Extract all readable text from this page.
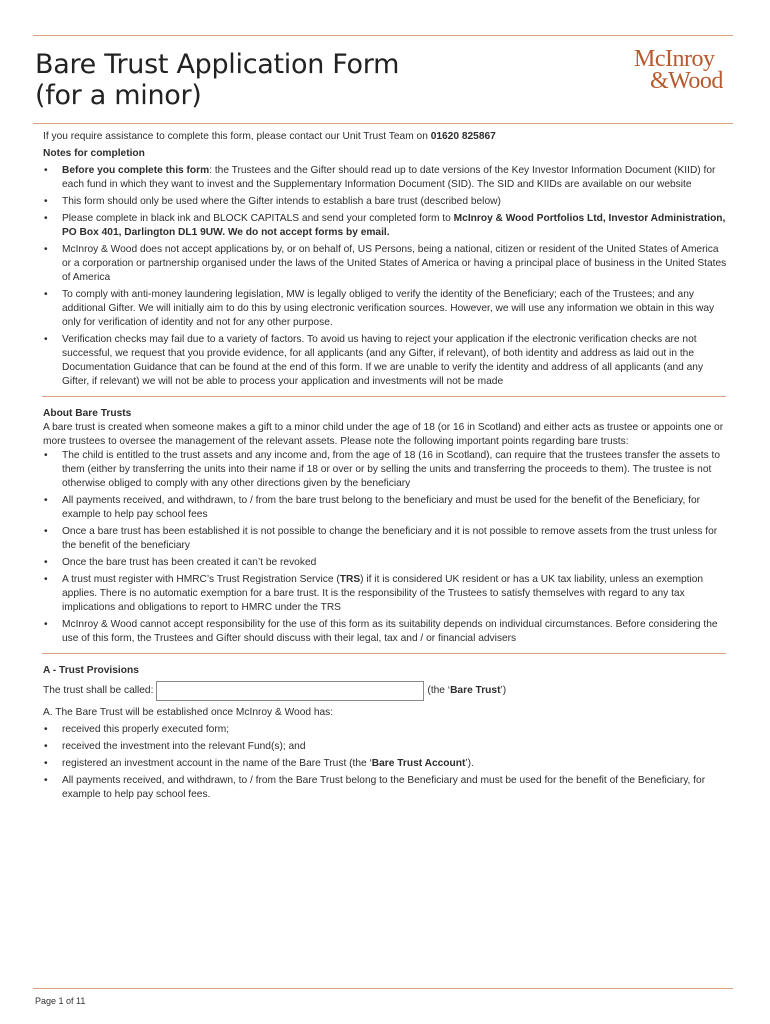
Bare Trust Application Form
(for a minor)
McInroy
&Wood

If you require assistance to complete this form, please contact our Unit Trust Team on 01620 825867

Notes for completion

• Before you complete this form: the Trustees and the Gifter should read up to date versions of the Key Investor Information Document (KIID) for each fund in which they want to invest and the Supplementary Information Document (SID). The SID and KIIDs are available on our website
• This form should only be used where the Gifter intends to establish a bare trust (described below)
• Please complete in black ink and BLOCK CAPITALS and send your completed form to McInroy & Wood Portfolios Ltd, Investor Administration, PO Box 401, Darlington DL1 9UW. We do not accept forms by email.
• McInroy & Wood does not accept applications by, or on behalf of, US Persons, being a national, citizen or resident of the United States of America or a corporation or partnership organised under the laws of the United States of America or having a principal place of business in the United States of America
• To comply with anti-money laundering legislation, MW is legally obliged to verify the identity of the Beneficiary; each of the Trustees; and any additional Gifter. We will initially aim to do this by using electronic verification sources. However, we will use any information we obtain in this way only for verification of identity and not for any other purpose.
• Verification checks may fail due to a variety of factors. To avoid us having to reject your application if the electronic verification checks are not successful, we request that you provide evidence, for all applicants (and any Gifter, if relevant), of both identity and address as laid out in the Documentation Guidance that can be found at the end of this form. If we are unable to verify the identity and address of all applicants (and any Gifter, if relevant) we will not be able to process your application and investments will not be made

About Bare Trusts

A bare trust is created when someone makes a gift to a minor child under the age of 18 (or 16 in Scotland) and either acts as trustee or appoints one or more trustees to oversee the management of the relevant assets. Please note the following important points regarding bare trusts:

• The child is entitled to the trust assets and any income and, from the age of 18 (16 in Scotland), can require that the trustees transfer the assets to them (either by transferring the units into their name if 18 or over or by selling the units and transferring the proceeds to them). The trustee is not otherwise obliged to comply with any other directions given by the beneficiary
• All payments received, and withdrawn, to / from the bare trust belong to the beneficiary and must be used for the benefit of the Beneficiary, for example to help pay school fees
• Once a bare trust has been established it is not possible to change the beneficiary and it is not possible to remove assets from the trust unless for the benefit of the beneficiary
• Once the bare trust has been created it can’t be revoked
• A trust must register with HMRC’s Trust Registration Service (TRS) if it is considered UK resident or has a UK tax liability, unless an exemption applies. There is no automatic exemption for a bare trust. It is the responsibility of the Trustees to satisfy themselves with regard to any tax implications and obligations to report to HMRC under the TRS
• McInroy & Wood cannot accept responsibility for the use of this form as its suitability depends on individual circumstances. Before considering the use of this form, the Trustees and Gifter should discuss with their legal, tax and / or financial advisers

A - Trust Provisions

The trust shall be called:	(the ‘Bare Trust’)

A. The Bare Trust will be established once McInroy & Wood has:

• received this properly executed form;
• received the investment into the relevant Fund(s); and
• registered an investment account in the name of the Bare Trust (the ‘Bare Trust Account’).
• All payments received, and withdrawn, to / from the Bare Trust belong to the Beneficiary and must be used for the benefit of the Beneficiary, for example to help pay school fees.
Page 1 of 11
